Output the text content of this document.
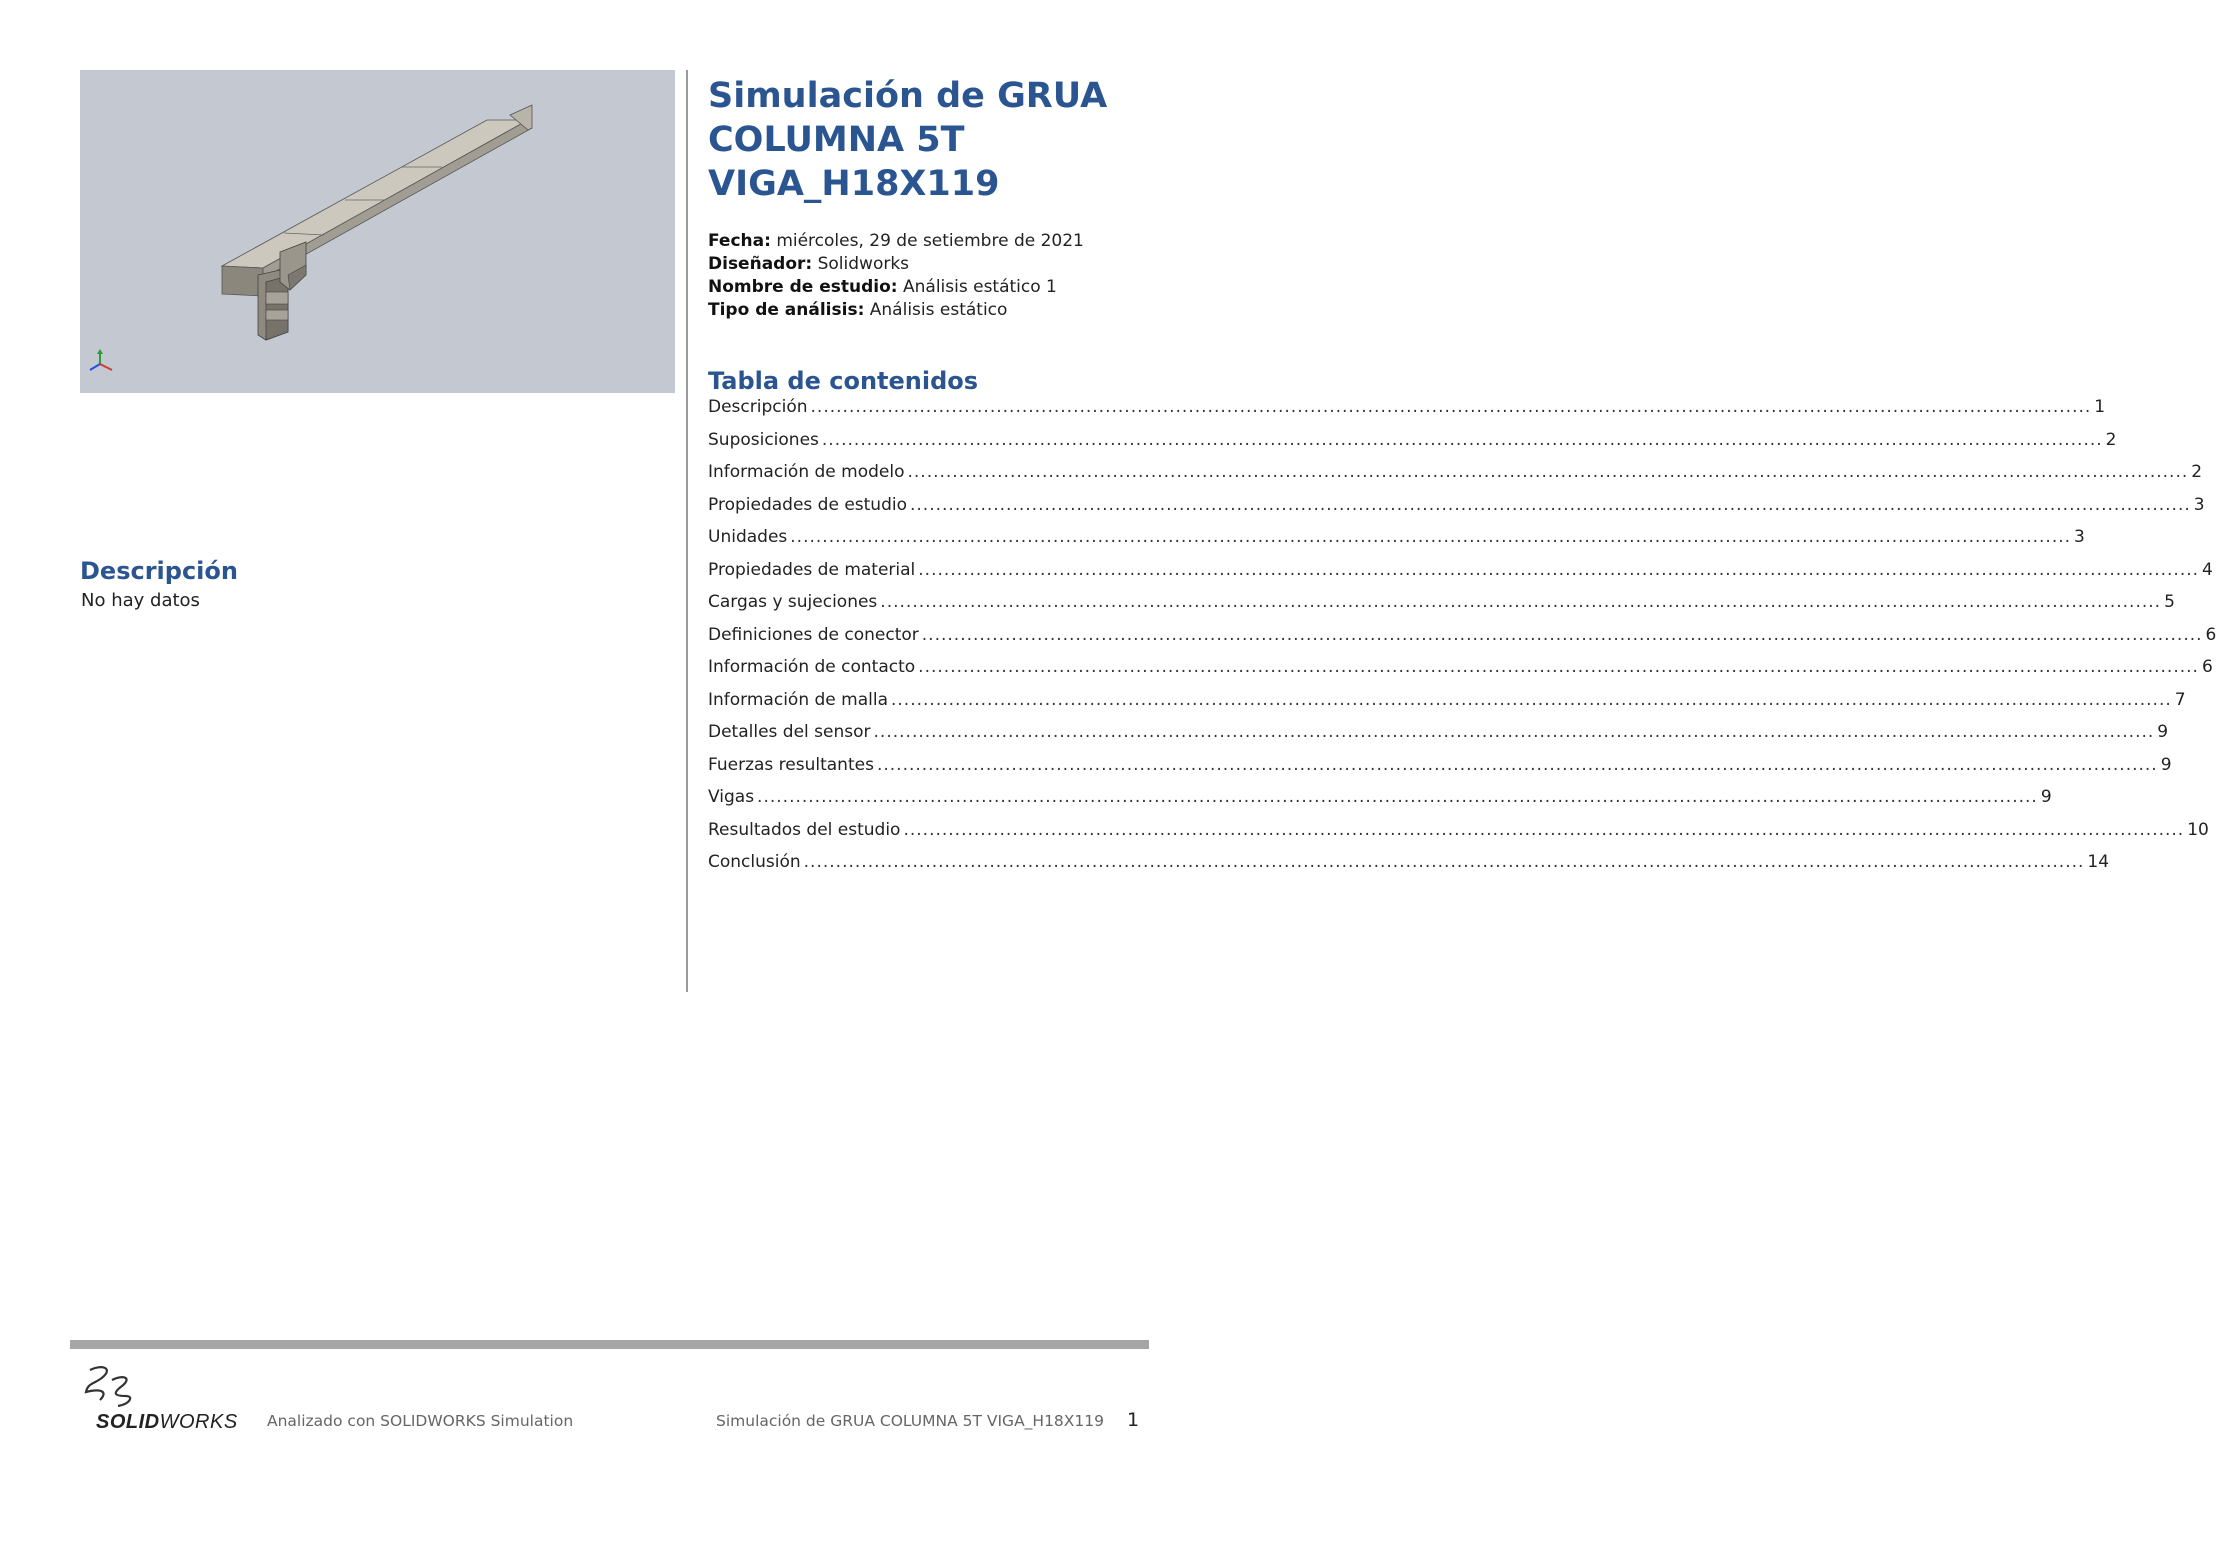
Simulación de GRUA COLUMNA 5T VIGA_H18X119
Fecha: miércoles, 29 de setiembre de 2021
Diseñador: Solidworks
Nombre de estudio: Análisis estático 1
Tipo de análisis: Análisis estático
Tabla de contenidos
Descripción ........................................................................................................................................................................................................ 1
Suposiciones ........................................................................................................................................................................................................ 2
Información de modelo ........................................................................................................................................................................................................ 2
Propiedades de estudio ........................................................................................................................................................................................................ 3
Unidades ........................................................................................................................................................................................................ 3
Propiedades de material ........................................................................................................................................................................................................ 4
Cargas y sujeciones ........................................................................................................................................................................................................ 5
Definiciones de conector ........................................................................................................................................................................................................ 6
Información de contacto ........................................................................................................................................................................................................ 6
Información de malla ........................................................................................................................................................................................................ 7
Detalles del sensor ........................................................................................................................................................................................................ 9
Fuerzas resultantes ........................................................................................................................................................................................................ 9
Vigas ........................................................................................................................................................................................................ 9
Resultados del estudio ........................................................................................................................................................................................................ 10
Conclusión ........................................................................................................................................................................................................ 14
Descripción
No hay datos
SOLIDWORKS Analizado con SOLIDWORKS Simulation	Simulación de GRUA COLUMNA 5T VIGA_H18X119 1
